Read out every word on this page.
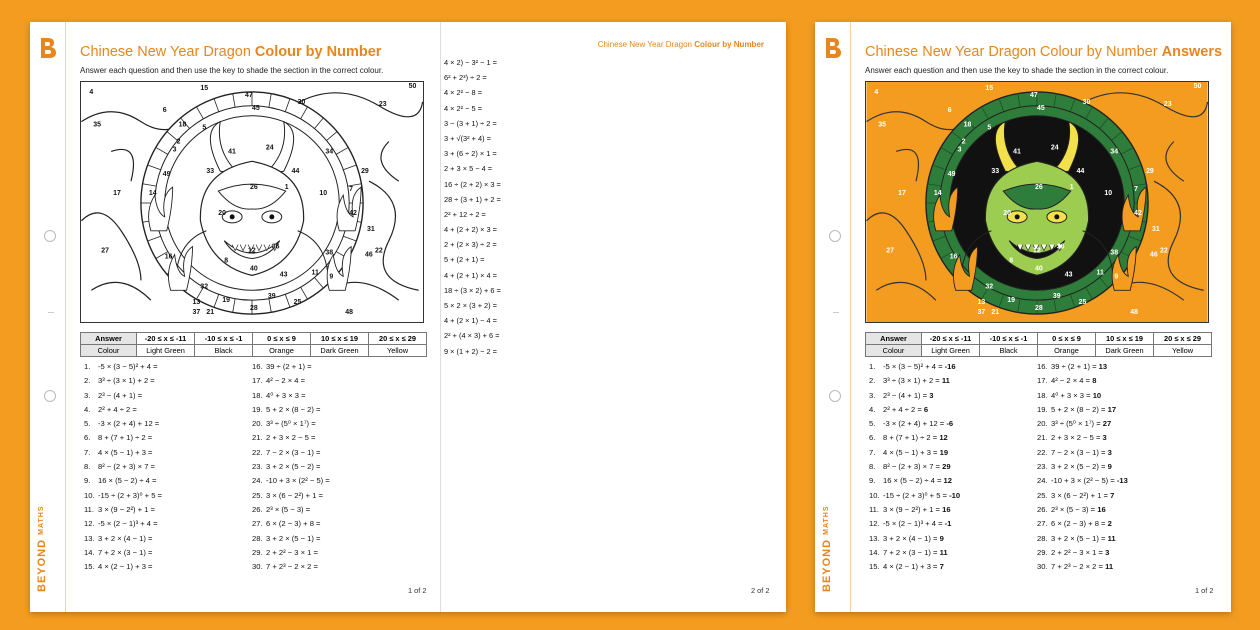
BEYOND MATHS
Chinese New Year Dragon Colour by Number
Answer each question and then use the key to shade the section in the correct colour.
4
15
47
50
35
6
18
45
30	23
5
2
3	34
24
41
49	33
26
44
17	14
1
10
7
29
42
20
12
36
8
22
27
40
38	46
11
9
19
39
13
37 21
28
25
48
16
43
32
31
Answer	-20 ≤ x ≤ -11	-10 ≤ x ≤ -1	0 ≤ x ≤ 9	10 ≤ x ≤ 19	20 ≤ x ≤ 29
Colour	Light Green	Black	Orange	Dark Green	Yellow
1. -5 × (3 − 5)² + 4 =
2. 3³ ÷ (3 × 1) + 2 =
3. 2³ − (4 + 1) =
4. 2² + 4 ÷ 2 =
5. -3 × (2 + 4) + 12 =
6. 8 + (7 + 1) ÷ 2 =
7. 4 × (5 − 1) + 3 =
8. 8² − (2 + 3) × 7 =
9. 16 × (5 − 2) ÷ 4 =
10. -15 ÷ (2 + 3)⁰ + 5 =
11. 3 × (9 − 2²) + 1 =
12. -5 × (2 − 1)³ + 4 =
13. 3 + 2 × (4 − 1) =
14. 7 + 2 × (3 − 1) =
15. 4 × (2 − 1) + 3 =
16. 39 ÷ (2 + 1) =
17. 4² − 2 × 4 =
18. 4⁰ + 3 × 3 =
19. 5 + 2 × (8 − 2) =
20. 3³ ÷ (5⁰ × 1⁷) =
21. 2 + 3 × 2 − 5 =
22. 7 − 2 × (3 − 1) =
23. 3 + 2 × (5 − 2) =
24. -10 + 3 × (2² − 5) =
25. 3 × (6 − 2²) + 1 =
26. 2³ × (5 − 3) =
27. 6 × (2 − 3) + 8 =
28. 3 + 2 × (5 − 1) =
29. 2 + 2² − 3 × 1 =
30. 7 + 2³ − 2 × 2 =
1 of 2
Chinese New Year Dragon Colour by Number
4 × 2) − 3² − 1 =
6² + 2³) ÷ 2 =
4 × 2² − 8 =
4 × 2² − 5 =
3 − (3 + 1) ÷ 2 =
3 + √(3² + 4) =
3 + (6 ÷ 2) × 1 =
2 + 3 × 5 − 4 =
16 ÷ (2 + 2) × 3 =
28 ÷ (3 + 1) + 2 =
2² + 12 ÷ 2 =
4 + (2 + 2) × 3 =
2 + (2 × 3) ÷ 2 =
5 + (2 + 1) =
4 + (2 + 1) × 4 =
18 ÷ (3 × 2) + 6 =
5 × 2 × (3 + 2) =
4 + (2 × 1) − 4 =
2² + (4 × 3) + 6 =
9 × (1 + 2) − 2 =
2 of 2	BEYOND MATHS
Chinese New Year Dragon Colour by Number Answers
Answer each question and then use the key to shade the section in the correct colour.
4
15
47
50
35
6
18
45
30	23
5
2
3	34
24
41
49	33
26
44
17	14
1
10
7
29
42
20
12
36
8
22
27
40
38	46
11
9
19
39
13
37 21
28
25
48
16
43
32
31
Answer	-20 ≤ x ≤ -11	-10 ≤ x ≤ -1	0 ≤ x ≤ 9	10 ≤ x ≤ 19	20 ≤ x ≤ 29
Colour	Light Green	Black	Orange	Dark Green	Yellow
1. -5 × (3 − 5)² + 4 = -16
2. 3³ ÷ (3 × 1) + 2 = 11
3. 2³ − (4 + 1) = 3
4. 2² + 4 ÷ 2 = 6
5. -3 × (2 + 4) + 12 = -6
6. 8 + (7 + 1) ÷ 2 = 12
7. 4 × (5 − 1) + 3 = 19
8. 8² − (2 + 3) × 7 = 29
9. 16 × (5 − 2) ÷ 4 = 12
10. -15 ÷ (2 + 3)⁰ + 5 = -10
11. 3 × (9 − 2²) + 1 = 16
12. -5 × (2 − 1)³ + 4 = -1
13. 3 + 2 × (4 − 1) = 9
14. 7 + 2 × (3 − 1) = 11
15. 4 × (2 − 1) + 3 = 7
16. 39 ÷ (2 + 1) = 13
17. 4² − 2 × 4 = 8
18. 4⁰ + 3 × 3 = 10
19. 5 + 2 × (8 − 2) = 17
20. 3³ ÷ (5⁰ × 1⁷) = 27
21. 2 + 3 × 2 − 5 = 3
22. 7 − 2 × (3 − 1) = 3
23. 3 + 2 × (5 − 2) = 9
24. -10 + 3 × (2² − 5) = -13
25. 3 × (6 − 2²) + 1 = 7
26. 2³ × (5 − 3) = 16
27. 6 × (2 − 3) + 8 = 2
28. 3 + 2 × (5 − 1) = 11
29. 2 + 2² − 3 × 1 = 3
30. 7 + 2³ − 2 × 2 = 11
1 of 2
